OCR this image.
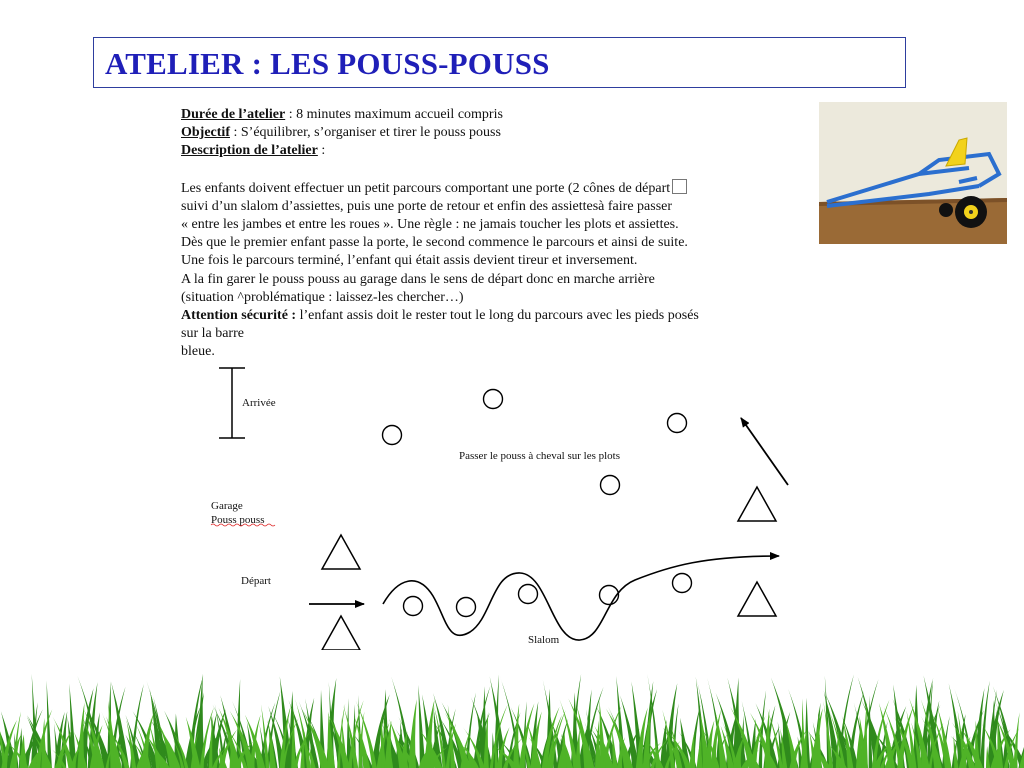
ATELIER : LES POUSS-POUSS

Durée de l’atelier : 8 minutes maximum accueil compris

Objectif : S’équilibrer, s’organiser et tirer le pouss pouss

Description de l’atelier :

Les enfants doivent effectuer un petit parcours comportant une porte (2 cônes de départ

suivi d’un slalom d’assiettes, puis une porte de retour et enfin des assiettesà faire passer

« entre les jambes et entre les roues ». Une règle : ne jamais toucher les plots et assiettes.

Dès que le premier enfant passe la porte, le second commence le parcours et ainsi de suite.

Une fois le parcours terminé, l’enfant qui était assis devient tireur et inversement.

A la fin garer le pouss pouss au garage dans le sens de départ donc en marche arrière

(situation ^problématique : laissez-les chercher…)

Attention sécurité : l’enfant assis doit le rester tout le long du parcours avec les pieds posés

sur la barre

bleue.

Arrivée
Passer le pouss à cheval sur les plots
Garage
Pouss pouss
Départ
Slalom
